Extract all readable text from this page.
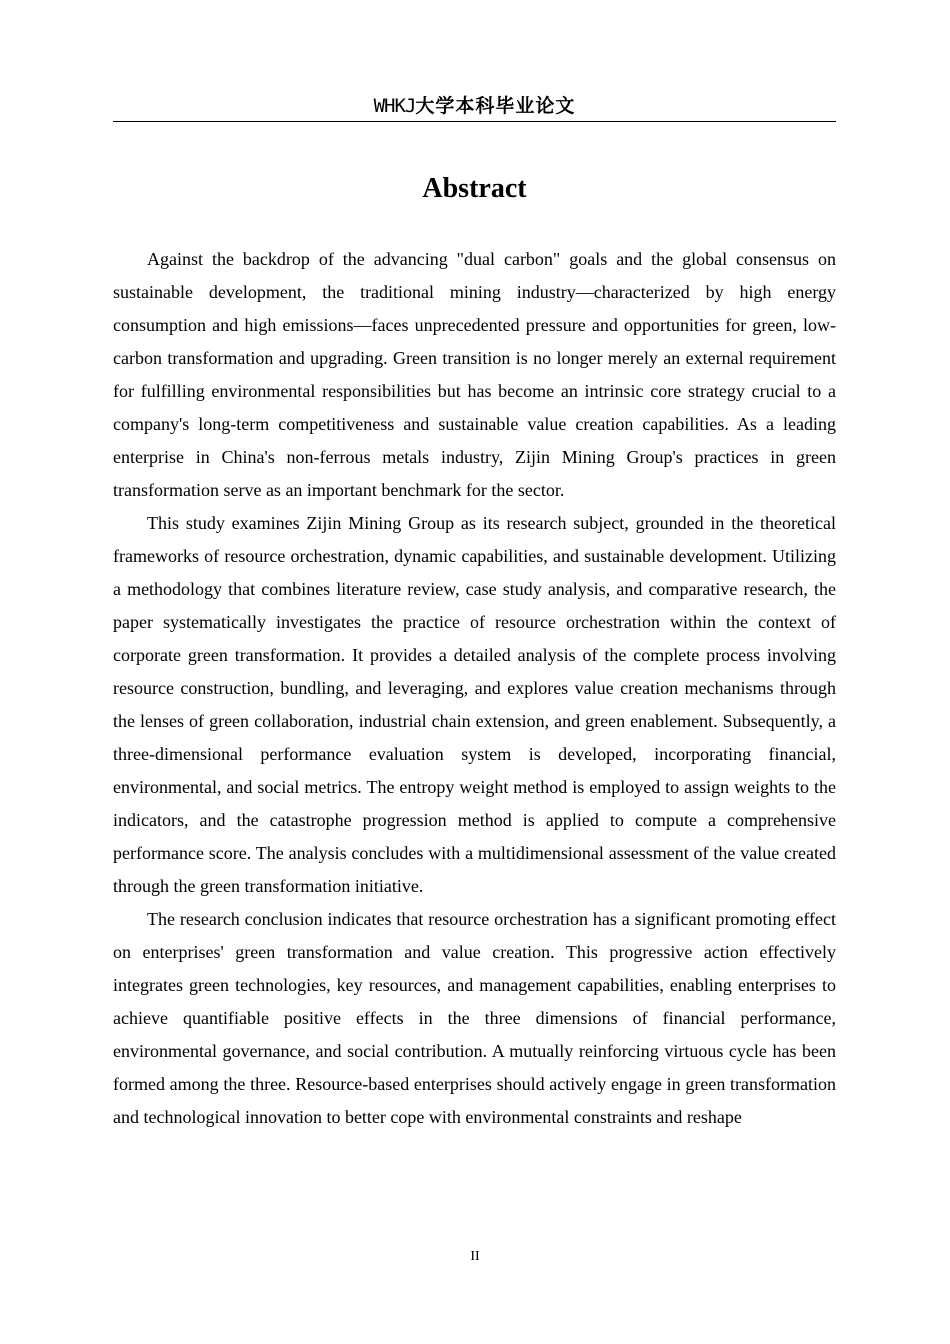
WHKJ大学本科毕业论文
Abstract

Against the backdrop of the advancing "dual carbon" goals and the global consensus on sustainable development, the traditional mining industry—characterized by high energy consumption and high emissions—faces unprecedented pressure and opportunities for green, low-carbon transformation and upgrading. Green transition is no longer merely an external requirement for fulfilling environmental responsibilities but has become an intrinsic core strategy crucial to a company's long-term competitiveness and sustainable value creation capabilities. As a leading enterprise in China's non-ferrous metals industry, Zijin Mining Group's practices in green transformation serve as an important benchmark for the sector.

This study examines Zijin Mining Group as its research subject, grounded in the theoretical frameworks of resource orchestration, dynamic capabilities, and sustainable development. Utilizing a methodology that combines literature review, case study analysis, and comparative research, the paper systematically investigates the practice of resource orchestration within the context of corporate green transformation. It provides a detailed analysis of the complete process involving resource construction, bundling, and leveraging, and explores value creation mechanisms through the lenses of green collaboration, industrial chain extension, and green enablement. Subsequently, a three-dimensional performance evaluation system is developed, incorporating financial, environmental, and social metrics. The entropy weight method is employed to assign weights to the indicators, and the catastrophe progression method is applied to compute a comprehensive performance score. The analysis concludes with a multidimensional assessment of the value created through the green transformation initiative.

The research conclusion indicates that resource orchestration has a significant promoting effect on enterprises' green transformation and value creation. This progressive action effectively integrates green technologies, key resources, and management capabilities, enabling enterprises to achieve quantifiable positive effects in the three dimensions of financial performance, environmental governance, and social contribution. A mutually reinforcing virtuous cycle has been formed among the three. Resource-based enterprises should actively engage in green transformation and technological innovation to better cope with environmental constraints and reshape

II
